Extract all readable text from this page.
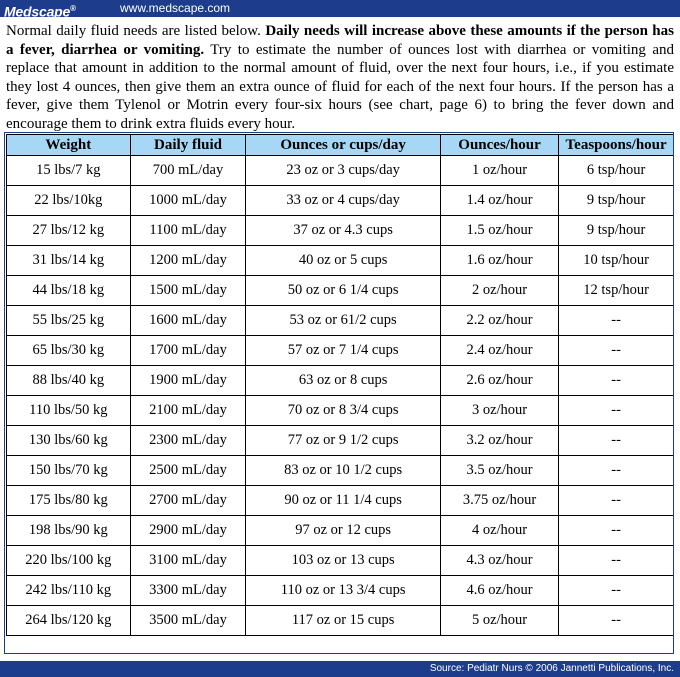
Medscape®	www.medscape.com
Normal daily fluid needs are listed below. Daily needs will increase above these amounts if the person has a fever, diarrhea or vomiting. Try to estimate the number of ounces lost with diarrhea or vomiting and replace that amount in addition to the normal amount of fluid, over the next four hours, i.e., if you estimate they lost 4 ounces, then give them an extra ounce of fluid for each of the next four hours. If the person has a fever, give them Tylenol or Motrin every four-six hours (see chart, page 6) to bring the fever down and encourage them to drink extra fluids every hour.
Weight	Daily fluid	Ounces or cups/day	Ounces/hour	Teaspoons/hour
15 lbs/7 kg	700 mL/day	23 oz or 3 cups/day	1 oz/hour	6 tsp/hour
22 lbs/10kg	1000 mL/day	33 oz or 4 cups/day	1.4 oz/hour	9 tsp/hour
27 lbs/12 kg	1100 mL/day	37 oz or 4.3 cups	1.5 oz/hour	9 tsp/hour
31 lbs/14 kg	1200 mL/day	40 oz or 5 cups	1.6 oz/hour	10 tsp/hour
44 lbs/18 kg	1500 mL/day	50 oz or 6 1/4 cups	2 oz/hour	12 tsp/hour
55 lbs/25 kg	1600 mL/day	53 oz or 61/2 cups	2.2 oz/hour	--
65 lbs/30 kg	1700 mL/day	57 oz or 7 1/4 cups	2.4 oz/hour	--
88 lbs/40 kg	1900 mL/day	63 oz or 8 cups	2.6 oz/hour	--
110 lbs/50 kg	2100 mL/day	70 oz or 8 3/4 cups	3 oz/hour	--
130 lbs/60 kg	2300 mL/day	77 oz or 9 1/2 cups	3.2 oz/hour	--
150 lbs/70 kg	2500 mL/day	83 oz or 10 1/2 cups	3.5 oz/hour	--
175 lbs/80 kg	2700 mL/day	90 oz or 11 1/4 cups	3.75 oz/hour	--
198 lbs/90 kg	2900 mL/day	97 oz or 12 cups	4 oz/hour	--
220 lbs/100 kg	3100 mL/day	103 oz or 13 cups	4.3 oz/hour	--
242 lbs/110 kg	3300 mL/day	110 oz or 13 3/4 cups	4.6 oz/hour	--
264 lbs/120 kg	3500 mL/day	117 oz or 15 cups	5 oz/hour	--
Source: Pediatr Nurs © 2006 Jannetti Publications, Inc.
